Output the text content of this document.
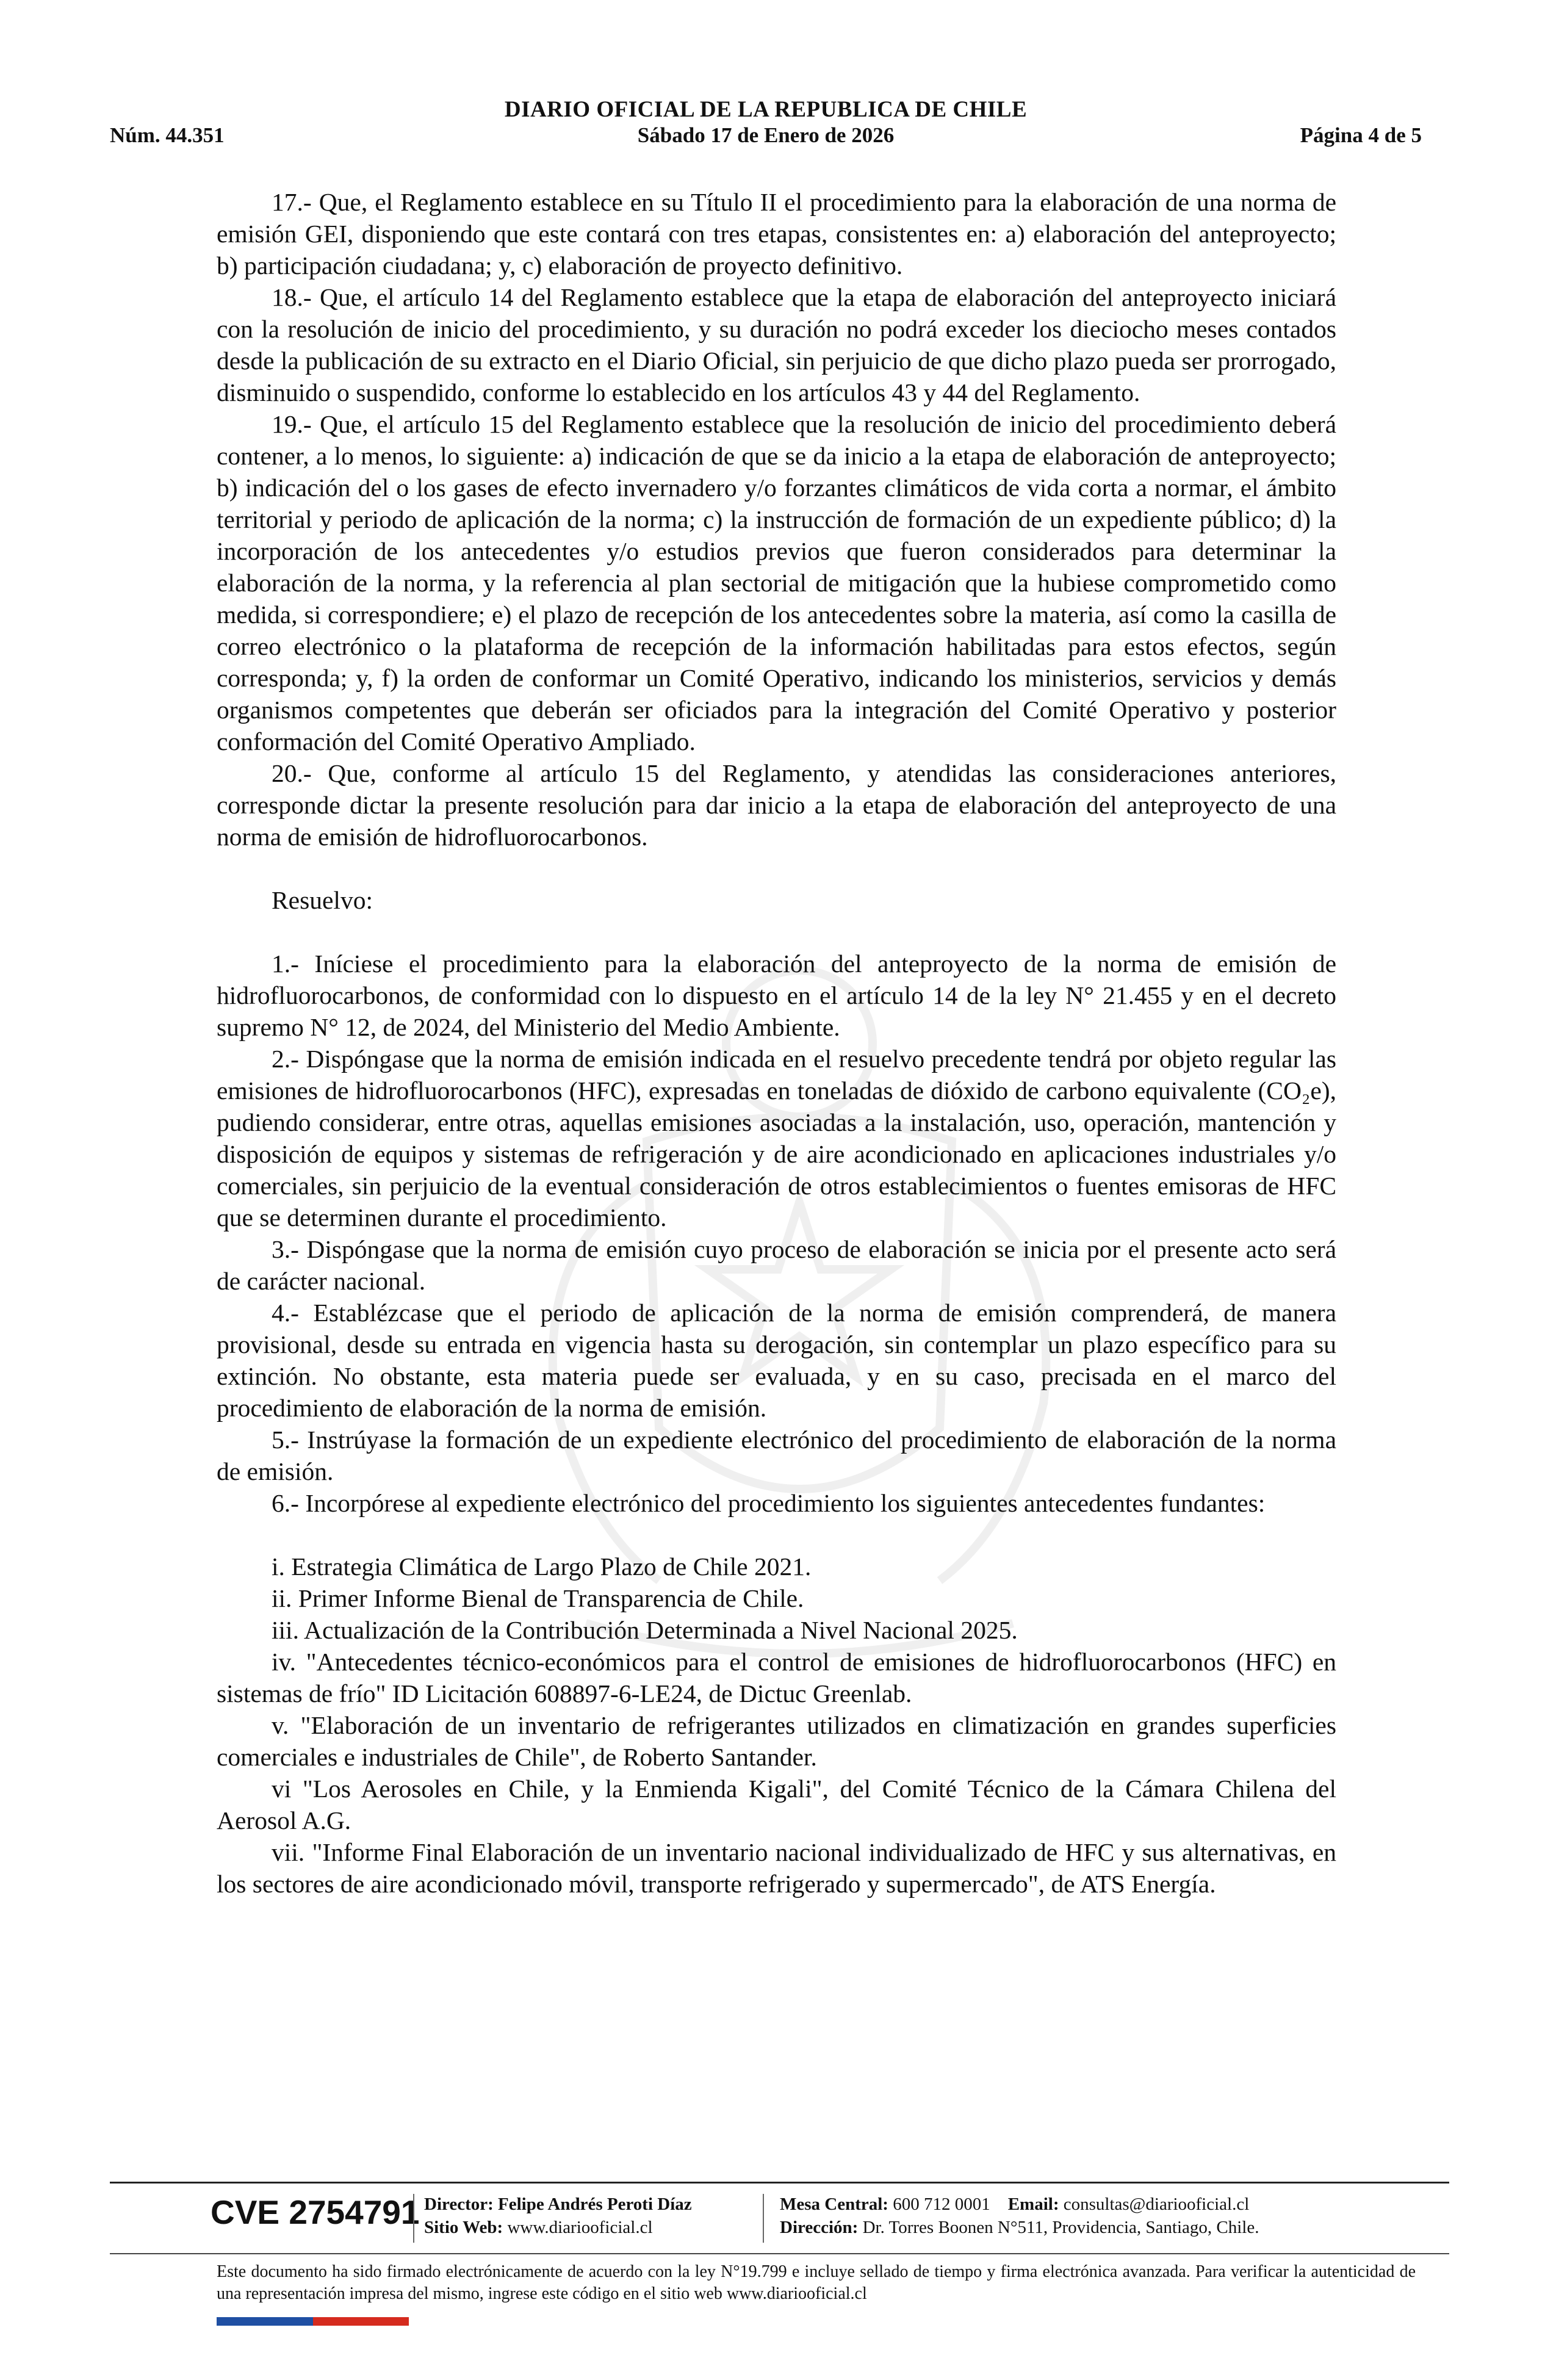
DIARIO OFICIAL DE LA REPUBLICA DE CHILE
Núm. 44.351	Sábado 17 de Enero de 2026	Página 4 de 5

17.- Que, el Reglamento establece en su Título II el procedimiento para la elaboración de una norma de emisión GEI, disponiendo que este contará con tres etapas, consistentes en: a) elaboración del anteproyecto; b) participación ciudadana; y, c) elaboración de proyecto definitivo.

18.- Que, el artículo 14 del Reglamento establece que la etapa de elaboración del anteproyecto iniciará con la resolución de inicio del procedimiento, y su duración no podrá exceder los dieciocho meses contados desde la publicación de su extracto en el Diario Oficial, sin perjuicio de que dicho plazo pueda ser prorrogado, disminuido o suspendido, conforme lo establecido en los artículos 43 y 44 del Reglamento.

19.- Que, el artículo 15 del Reglamento establece que la resolución de inicio del procedimiento deberá contener, a lo menos, lo siguiente: a) indicación de que se da inicio a la etapa de elaboración de anteproyecto; b) indicación del o los gases de efecto invernadero y/o forzantes climáticos de vida corta a normar, el ámbito territorial y periodo de aplicación de la norma; c) la instrucción de formación de un expediente público; d) la incorporación de los antecedentes y/o estudios previos que fueron considerados para determinar la elaboración de la norma, y la referencia al plan sectorial de mitigación que la hubiese comprometido como medida, si correspondiere; e) el plazo de recepción de los antecedentes sobre la materia, así como la casilla de correo electrónico o la plataforma de recepción de la información habilitadas para estos efectos, según corresponda; y, f) la orden de conformar un Comité Operativo, indicando los ministerios, servicios y demás organismos competentes que deberán ser oficiados para la integración del Comité Operativo y posterior conformación del Comité Operativo Ampliado.

20.- Que, conforme al artículo 15 del Reglamento, y atendidas las consideraciones anteriores, corresponde dictar la presente resolución para dar inicio a la etapa de elaboración del anteproyecto de una norma de emisión de hidrofluorocarbonos.

Resuelvo:

1.- Iníciese el procedimiento para la elaboración del anteproyecto de la norma de emisión de hidrofluorocarbonos, de conformidad con lo dispuesto en el artículo 14 de la ley N° 21.455 y en el decreto supremo N° 12, de 2024, del Ministerio del Medio Ambiente.

2.- Dispóngase que la norma de emisión indicada en el resuelvo precedente tendrá por objeto regular las emisiones de hidrofluorocarbonos (HFC), expresadas en toneladas de dióxido de carbono equivalente (CO₂e), pudiendo considerar, entre otras, aquellas emisiones asociadas a la instalación, uso, operación, mantención y disposición de equipos y sistemas de refrigeración y de aire acondicionado en aplicaciones industriales y/o comerciales, sin perjuicio de la eventual consideración de otros establecimientos o fuentes emisoras de HFC que se determinen durante el procedimiento.

3.- Dispóngase que la norma de emisión cuyo proceso de elaboración se inicia por el presente acto será de carácter nacional.

4.- Establézcase que el periodo de aplicación de la norma de emisión comprenderá, de manera provisional, desde su entrada en vigencia hasta su derogación, sin contemplar un plazo específico para su extinción. No obstante, esta materia puede ser evaluada, y en su caso, precisada en el marco del procedimiento de elaboración de la norma de emisión.

5.- Instrúyase la formación de un expediente electrónico del procedimiento de elaboración de la norma de emisión.

6.- Incorpórese al expediente electrónico del procedimiento los siguientes antecedentes fundantes:

i. Estrategia Climática de Largo Plazo de Chile 2021.

ii. Primer Informe Bienal de Transparencia de Chile.

iii. Actualización de la Contribución Determinada a Nivel Nacional 2025.

iv. "Antecedentes técnico-económicos para el control de emisiones de hidrofluorocarbonos (HFC) en sistemas de frío" ID Licitación 608897-6-LE24, de Dictuc Greenlab.

v. "Elaboración de un inventario de refrigerantes utilizados en climatización en grandes superficies comerciales e industriales de Chile", de Roberto Santander.

vi "Los Aerosoles en Chile, y la Enmienda Kigali", del Comité Técnico de la Cámara Chilena del Aerosol A.G.

vii. "Informe Final Elaboración de un inventario nacional individualizado de HFC y sus alternativas, en los sectores de aire acondicionado móvil, transporte refrigerado y supermercado", de ATS Energía.

CVE 2754791 Director: Felipe Andrés Peroti Díaz
Sitio Web: www.diariooficial.cl
Mesa Central: 600 712 0001 Email: consultas@diariooficial.cl
Dirección: Dr. Torres Boonen N°511, Providencia, Santiago, Chile.
Este documento ha sido firmado electrónicamente de acuerdo con la ley N°19.799 e incluye sellado de tiempo y firma electrónica avanzada. Para verificar la autenticidad de una representación impresa del mismo, ingrese este código en el sitio web www.diariooficial.cl
